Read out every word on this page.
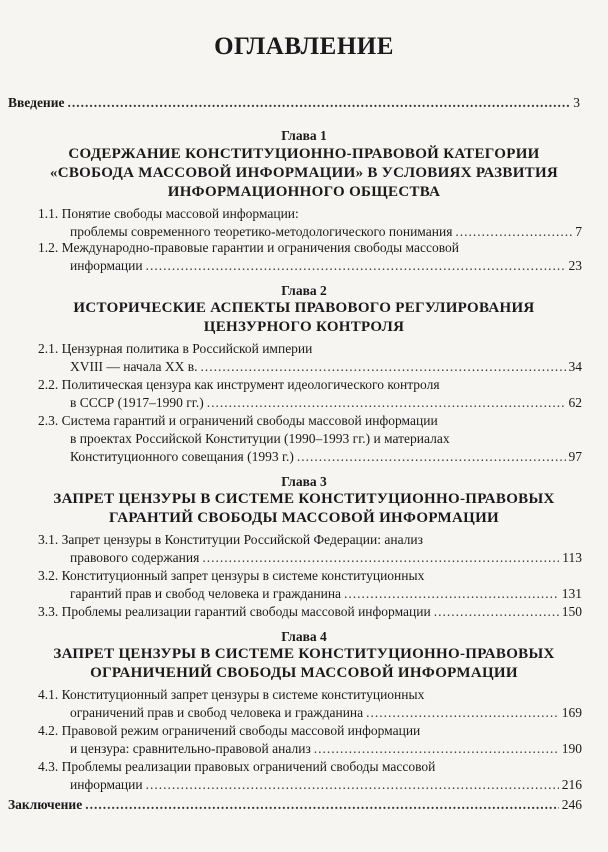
ОГЛАВЛЕНИЕ
Введение .....	3
Глава 1
СОДЕРЖАНИЕ КОНСТИТУЦИОННО-ПРАВОВОЙ КАТЕГОРИИ
«СВОБОДА МАССОВОЙ ИНФОРМАЦИИ» В УСЛОВИЯХ РАЗВИТИЯ
ИНФОРМАЦИОННОГО ОБЩЕСТВА
1.1. Понятие свободы массовой информации:
проблемы современного теоретико-методологического понимания .....	7
1.2. Международно-правовые гарантии и ограничения свободы массовой
информации .....	23
Глава 2
ИСТОРИЧЕСКИЕ АСПЕКТЫ ПРАВОВОГО РЕГУЛИРОВАНИЯ
ЦЕНЗУРНОГО КОНТРОЛЯ
2.1. Цензурная политика в Российской империи
XVIII — начала XX в. .....	34
2.2. Политическая цензура как инструмент идеологического контроля
в СССР (1917–1990 гг.) .....	62
2.3. Система гарантий и ограничений свободы массовой информации
в проектах Российской Конституции (1990–1993 гг.) и материалах
Конституционного совещания (1993 г.) .....	97
Глава 3
ЗАПРЕТ ЦЕНЗУРЫ В СИСТЕМЕ КОНСТИТУЦИОННО-ПРАВОВЫХ
ГАРАНТИЙ СВОБОДЫ МАССОВОЙ ИНФОРМАЦИИ
3.1. Запрет цензуры в Конституции Российской Федерации: анализ
правового содержания .....	113
3.2. Конституционный запрет цензуры в системе конституционных
гарантий прав и свобод человека и гражданина .....	131
3.3. Проблемы реализации гарантий свободы массовой информации .....	150
Глава 4
ЗАПРЕТ ЦЕНЗУРЫ В СИСТЕМЕ КОНСТИТУЦИОННО-ПРАВОВЫХ
ОГРАНИЧЕНИЙ СВОБОДЫ МАССОВОЙ ИНФОРМАЦИИ
4.1. Конституционный запрет цензуры в системе конституционных
ограничений прав и свобод человека и гражданина .....	169
4.2. Правовой режим ограничений свободы массовой информации
и цензура: сравнительно-правовой анализ .....	190
4.3. Проблемы реализации правовых ограничений свободы массовой
информации .....	216
Заключение .....	246
